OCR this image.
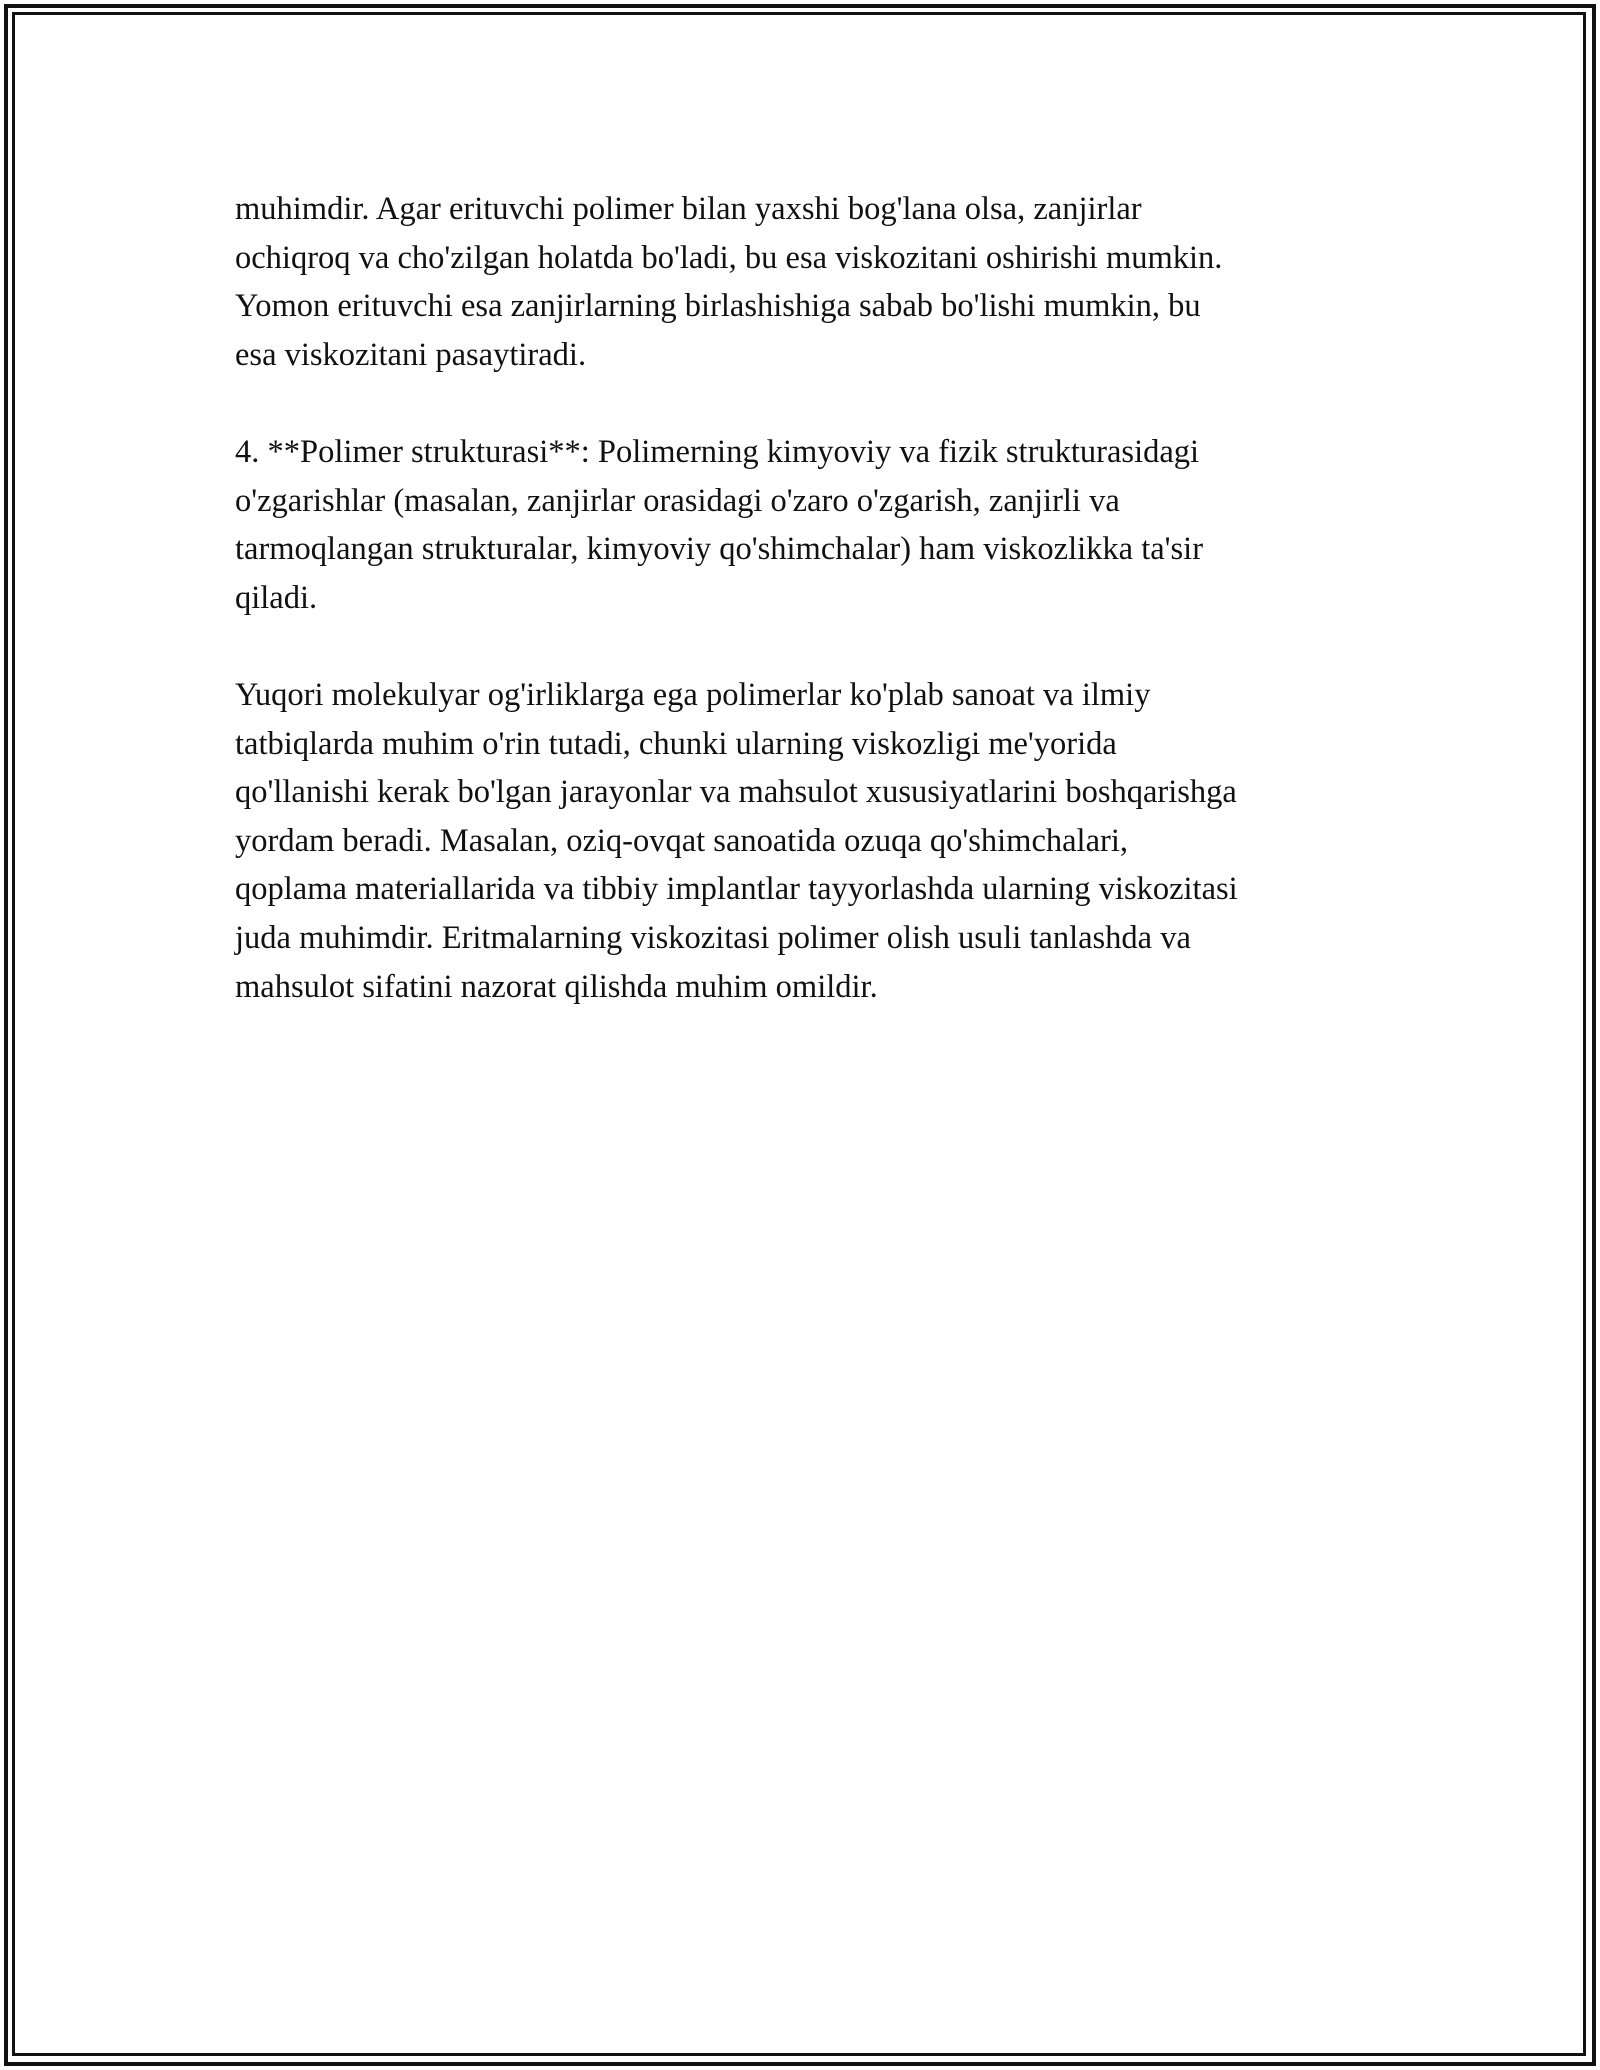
muhimdir. Agar erituvchi polimer bilan yaxshi bog'lana olsa, zanjirlar
ochiqroq va cho'zilgan holatda bo'ladi, bu esa viskozitani oshirishi mumkin.
Yomon erituvchi esa zanjirlarning birlashishiga sabab bo'lishi mumkin, bu
esa viskozitani pasaytiradi.

4. **Polimer strukturasi**: Polimerning kimyoviy va fizik strukturasidagi
o'zgarishlar (masalan, zanjirlar orasidagi o'zaro o'zgarish, zanjirli va
tarmoqlangan strukturalar, kimyoviy qo'shimchalar) ham viskozlikka ta'sir
qiladi.

Yuqori molekulyar og'irliklarga ega polimerlar ko'plab sanoat va ilmiy
tatbiqlarda muhim o'rin tutadi, chunki ularning viskozligi me'yorida
qo'llanishi kerak bo'lgan jarayonlar va mahsulot xususiyatlarini boshqarishga
yordam beradi. Masalan, oziq-ovqat sanoatida ozuqa qo'shimchalari,
qoplama materiallarida va tibbiy implantlar tayyorlashda ularning viskozitasi
juda muhimdir. Eritmalarning viskozitasi polimer olish usuli tanlashda va
mahsulot sifatini nazorat qilishda muhim omildir.
